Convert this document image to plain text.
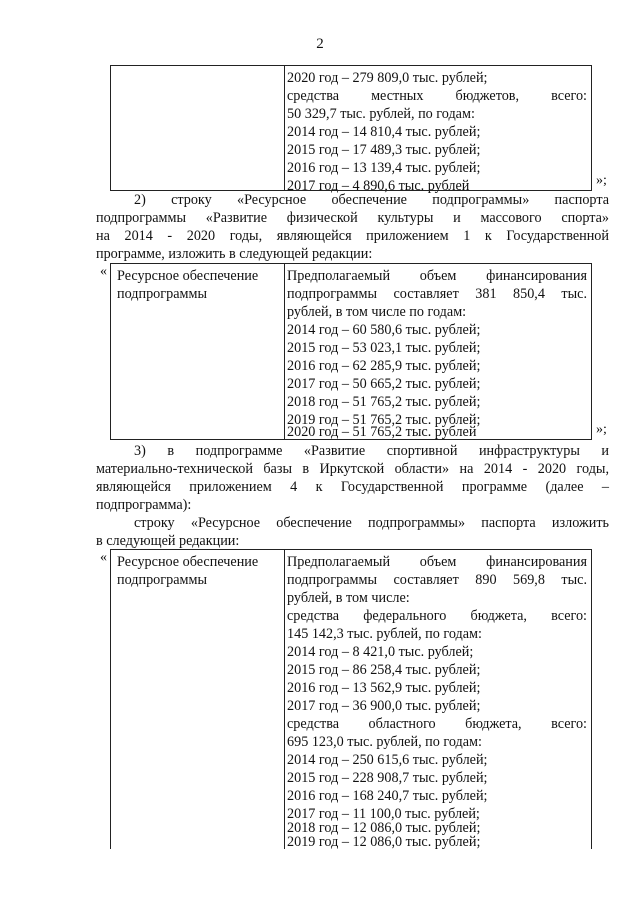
2
2020 год – 279 809,0 тыс. рублей;
средства местных бюджетов, всего:
50 329,7 тыс. рублей, по годам:
2014 год – 14 810,4 тыс. рублей;
2015 год – 17 489,3 тыс. рублей;
2016 год – 13 139,4 тыс. рублей;
2017 год – 4 890,6 тыс. рублей	»;
2) строку «Ресурсное обеспечение подпрограммы» паспорта
подпрограммы «Развитие физической культуры и массового спорта»
на 2014 - 2020 годы, являющейся приложением 1 к Государственной
программе, изложить в следующей редакции:
« Ресурсное обеспечение
подпрограммы
Предполагаемый объем финансирования
подпрограммы составляет 381 850,4 тыс.
рублей, в том числе по годам:
2014 год – 60 580,6 тыс. рублей;
2015 год – 53 023,1 тыс. рублей;
2016 год – 62 285,9 тыс. рублей;
2017 год – 50 665,2 тыс. рублей;
2018 год – 51 765,2 тыс. рублей;
2019 год – 51 765,2 тыс. рублей;
2020 год – 51 765,2 тыс. рублей	»;
3) в подпрограмме «Развитие спортивной инфраструктуры и
материально-технической базы в Иркутской области» на 2014 - 2020 годы,
являющейся приложением 4 к Государственной программе (далее –
подпрограмма):
строку «Ресурсное обеспечение подпрограммы» паспорта изложить
в следующей редакции:
« Ресурсное обеспечение
подпрограммы
Предполагаемый объем финансирования
подпрограммы составляет 890 569,8 тыс.
рублей, в том числе:
средства федерального бюджета, всего:
145 142,3 тыс. рублей, по годам:
2014 год – 8 421,0 тыс. рублей;
2015 год – 86 258,4 тыс. рублей;
2016 год – 13 562,9 тыс. рублей;
2017 год – 36 900,0 тыс. рублей;
средства областного бюджета, всего:
695 123,0 тыс. рублей, по годам:
2014 год – 250 615,6 тыс. рублей;
2015 год – 228 908,7 тыс. рублей;
2016 год – 168 240,7 тыс. рублей;
2017 год – 11 100,0 тыс. рублей;
2018 год – 12 086,0 тыс. рублей;
2019 год – 12 086,0 тыс. рублей;
